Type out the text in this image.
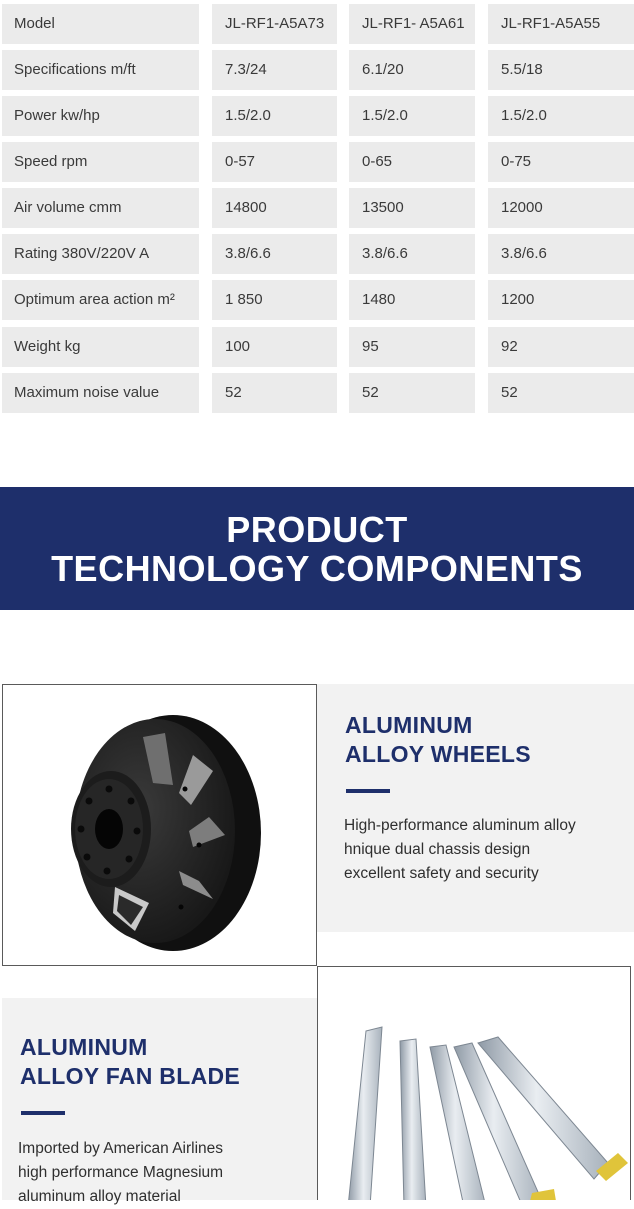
Model	JL-RF1-A5A73	JL-RF1- A5A61	JL-RF1-A5A55
Specifications m/ft	7.3/24	6.1/20	5.5/18
Power kw/hp	1.5/2.0	1.5/2.0	1.5/2.0
Speed rpm	0-57	0-65	0-75
Air volume cmm	14800	13500	12000
Rating 380V/220V A	3.8/6.6	3.8/6.6	3.8/6.6
Optimum area action m²	1 850	1480	1200
Weight kg	100	95	92
Maximum noise value	52	52	52
PRODUCT
TECHNOLOGY COMPONENTS
ALUMINUM
ALLOY WHEELS
High-performance aluminum alloy
hnique dual chassis design
excellent safety and security
ALUMINUM
ALLOY FAN BLADE
Imported by American Airlines
high performance Magnesium
aluminum alloy material
